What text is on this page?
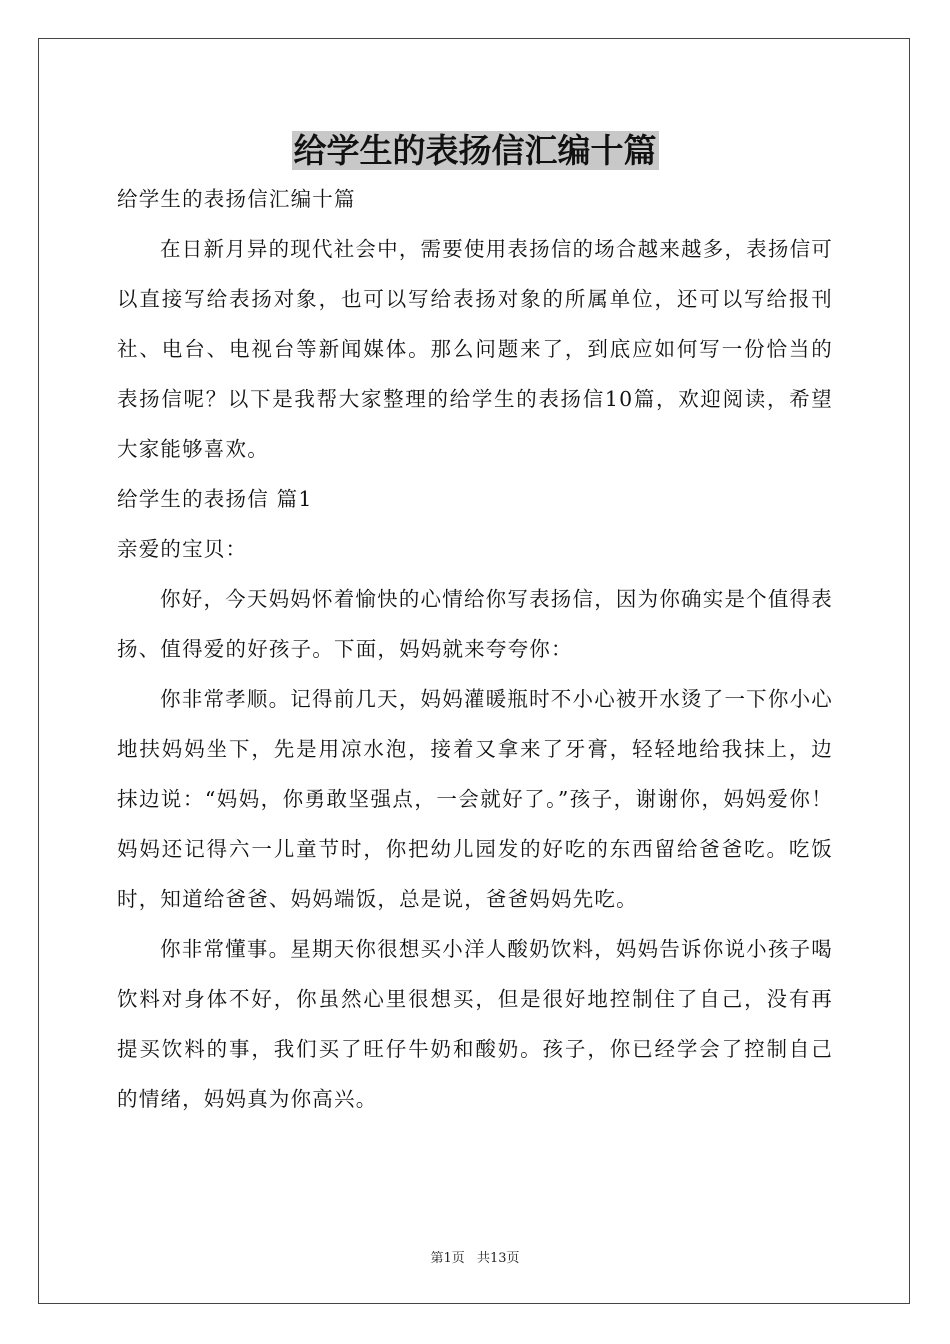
给学生的表扬信汇编十篇

给学生的表扬信汇编十篇

在日新月异的现代社会中，需要使用表扬信的场合越来越多，表扬信可以直接写给表扬对象，也可以写给表扬对象的所属单位，还可以写给报刊社、电台、电视台等新闻媒体。那么问题来了，到底应如何写一份恰当的表扬信呢？以下是我帮大家整理的给学生的表扬信10篇，欢迎阅读，希望大家能够喜欢。

给学生的表扬信 篇1

亲爱的宝贝：

你好，今天妈妈怀着愉快的心情给你写表扬信，因为你确实是个值得表扬、值得爱的好孩子。下面，妈妈就来夸夸你：

你非常孝顺。记得前几天，妈妈灌暖瓶时不小心被开水烫了一下你小心地扶妈妈坐下，先是用凉水泡，接着又拿来了牙膏，轻轻地给我抹上，边抹边说：“妈妈，你勇敢坚强点，一会就好了。”孩子，谢谢你，妈妈爱你！妈妈还记得六一儿童节时，你把幼儿园发的好吃的东西留给爸爸吃。吃饭时，知道给爸爸、妈妈端饭，总是说，爸爸妈妈先吃。

你非常懂事。星期天你很想买小洋人酸奶饮料，妈妈告诉你说小孩子喝饮料对身体不好，你虽然心里很想买，但是很好地控制住了自己，没有再提买饮料的事，我们买了旺仔牛奶和酸奶。孩子，你已经学会了控制自己的情绪，妈妈真为你高兴。

第1页 共13页
